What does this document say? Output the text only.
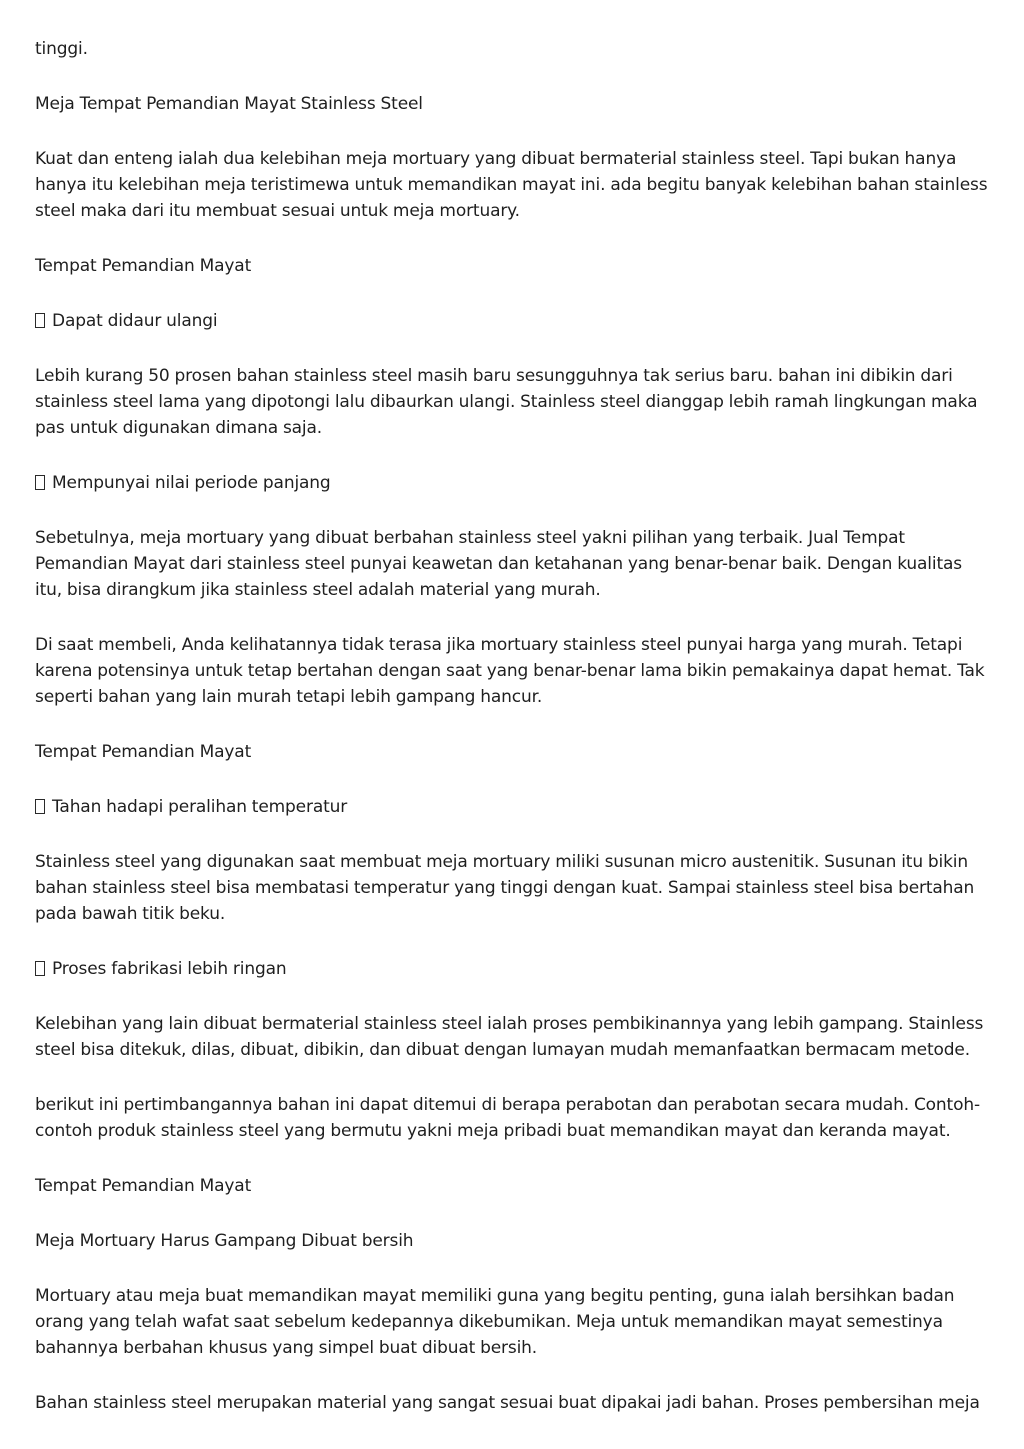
tinggi.

Meja Tempat Pemandian Mayat Stainless Steel

Kuat dan enteng ialah dua kelebihan meja mortuary yang dibuat bermaterial stainless steel. Tapi bukan hanya hanya itu kelebihan meja teristimewa untuk memandikan mayat ini. ada begitu banyak kelebihan bahan stainless steel maka dari itu membuat sesuai untuk meja mortuary.

Tempat Pemandian Mayat

Dapat didaur ulangi

Lebih kurang 50 prosen bahan stainless steel masih baru sesungguhnya tak serius baru. bahan ini dibikin dari stainless steel lama yang dipotongi lalu dibaurkan ulangi. Stainless steel dianggap lebih ramah lingkungan maka pas untuk digunakan dimana saja.

Mempunyai nilai periode panjang

Sebetulnya, meja mortuary yang dibuat berbahan stainless steel yakni pilihan yang terbaik. Jual Tempat Pemandian Mayat dari stainless steel punyai keawetan dan ketahanan yang benar-benar baik. Dengan kualitas itu, bisa dirangkum jika stainless steel adalah material yang murah.

Di saat membeli, Anda kelihatannya tidak terasa jika mortuary stainless steel punyai harga yang murah. Tetapi karena potensinya untuk tetap bertahan dengan saat yang benar-benar lama bikin pemakainya dapat hemat. Tak seperti bahan yang lain murah tetapi lebih gampang hancur.

Tempat Pemandian Mayat

Tahan hadapi peralihan temperatur

Stainless steel yang digunakan saat membuat meja mortuary miliki susunan micro austenitik. Susunan itu bikin bahan stainless steel bisa membatasi temperatur yang tinggi dengan kuat. Sampai stainless steel bisa bertahan pada bawah titik beku.

Proses fabrikasi lebih ringan

Kelebihan yang lain dibuat bermaterial stainless steel ialah proses pembikinannya yang lebih gampang. Stainless steel bisa ditekuk, dilas, dibuat, dibikin, dan dibuat dengan lumayan mudah memanfaatkan bermacam metode.

berikut ini pertimbangannya bahan ini dapat ditemui di berapa perabotan dan perabotan secara mudah. Contoh-contoh produk stainless steel yang bermutu yakni meja pribadi buat memandikan mayat dan keranda mayat.

Tempat Pemandian Mayat

Meja Mortuary Harus Gampang Dibuat bersih

Mortuary atau meja buat memandikan mayat memiliki guna yang begitu penting, guna ialah bersihkan badan orang yang telah wafat saat sebelum kedepannya dikebumikan. Meja untuk memandikan mayat semestinya bahannya berbahan khusus yang simpel buat dibuat bersih.

Bahan stainless steel merupakan material yang sangat sesuai buat dipakai jadi bahan. Proses pembersihan meja
